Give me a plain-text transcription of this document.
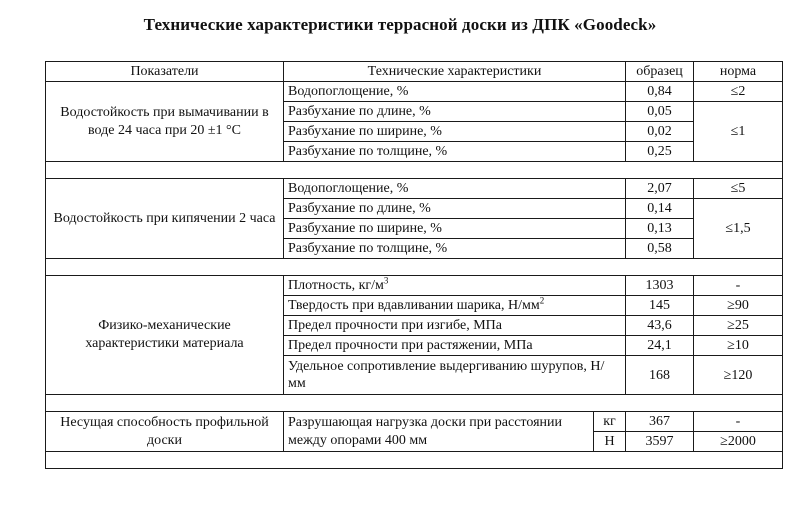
Технические характеристики террасной доски из ДПК «Goodeck»
Показатели	Технические характеристики		образец	норма
Водостойкость при вымачивании в воде 24 часа при 20 ±1 °С	Водопоглощение, %		0,84	≤2
	Разбухание по длине, %		0,05	≤1
	Разбухание по ширине, %		0,02	
	Разбухание по толщине, %		0,25	

Водостойкость при кипячении 2 часа	Водопоглощение, %		2,07	≤5
	Разбухание по длине, %		0,14	≤1,5
	Разбухание по ширине, %		0,13	
	Разбухание по толщине, %		0,58	

Физико-механические характеристики материала	Плотность, $кг/м^3$		1303	-
	Твердость при вдавливании шарика, $Н/мм^2$		145	≥90
	Предел прочности при изгибе, МПа		43,6	≥25
	Предел прочности при растяжении, МПа		24,1	≥10
	Удельное сопротивление выдергиванию шурупов, Н/мм		168	≥120

Несущая способность профильной доски	Разрушающая нагрузка доски при расстоянии между опорами 400 мм	кг	367	-
		Н	3597	≥2000
